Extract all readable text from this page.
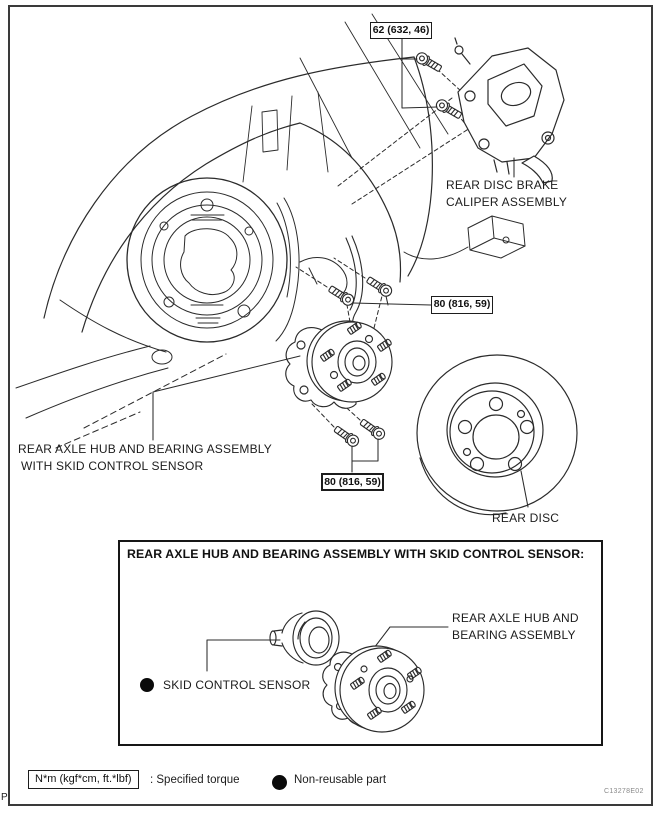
62 (632, 46)
80 (816, 59)
80 (816, 59)
REAR DISC BRAKE
CALIPER ASSEMBLY
REAR AXLE HUB AND BEARING ASSEMBLY
WITH SKID CONTROL SENSOR
REAR DISC
REAR AXLE HUB AND BEARING ASSEMBLY WITH SKID CONTROL SENSOR:
SKID CONTROL SENSOR
REAR AXLE HUB AND
BEARING ASSEMBLY
N*m (kgf*cm, ft.*lbf)	: Specified torque	Non-reusable part
P
C13278E02
